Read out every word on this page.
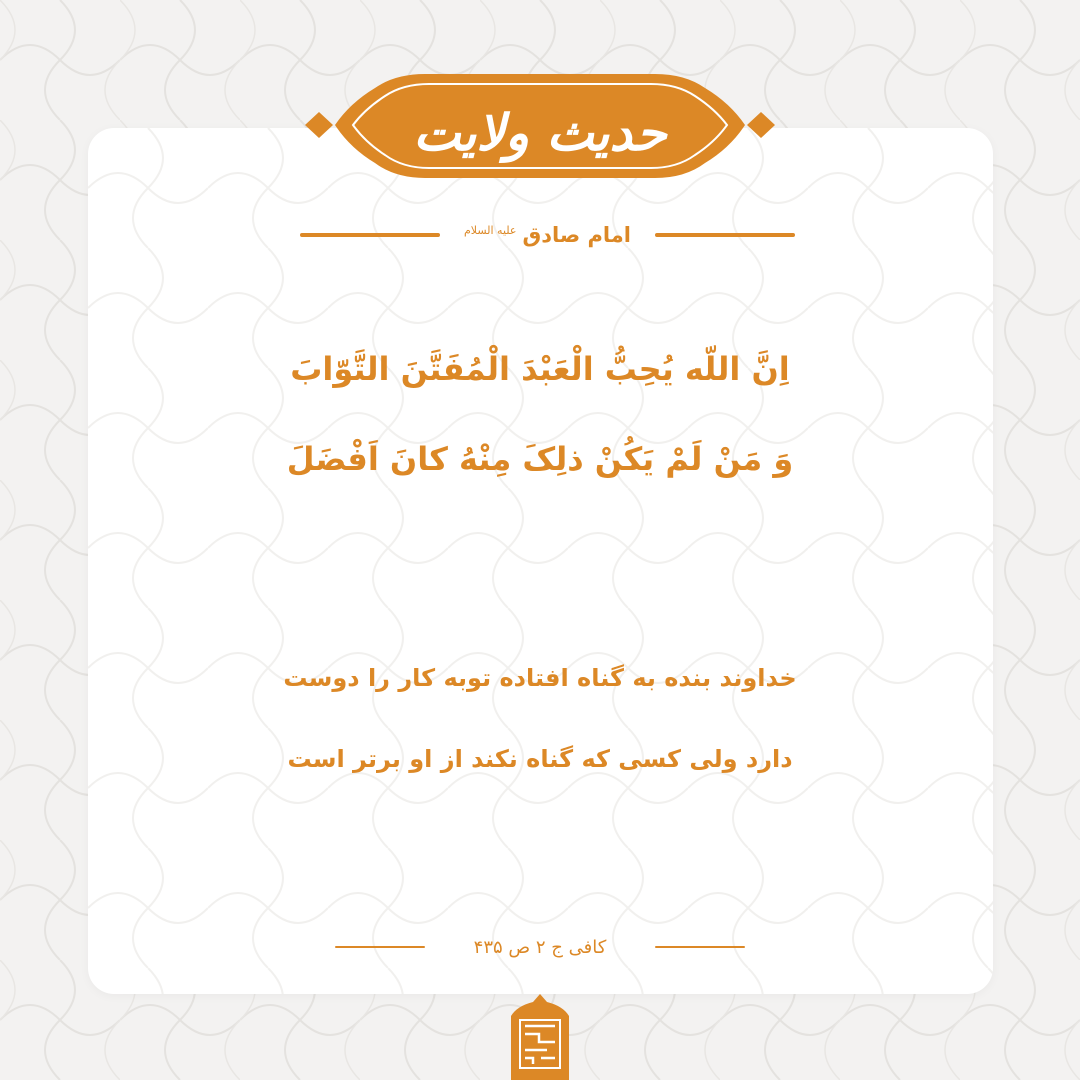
حدیث ولایت
امام صادق
علیه السلام
اِنَّ اللّه یُحِبُّ الْعَبْدَ الْمُفَتَّنَ التَّوّابَ
وَ مَنْ لَمْ یَکُنْ ذلِکَ مِنْهُ کانَ اَفْضَلَ
خداوند بنده به گناه افتاده توبه کار را دوست
دارد ولی کسی که گناه نکند از او برتر است
کافی ج ۲ ص ۴۳۵
